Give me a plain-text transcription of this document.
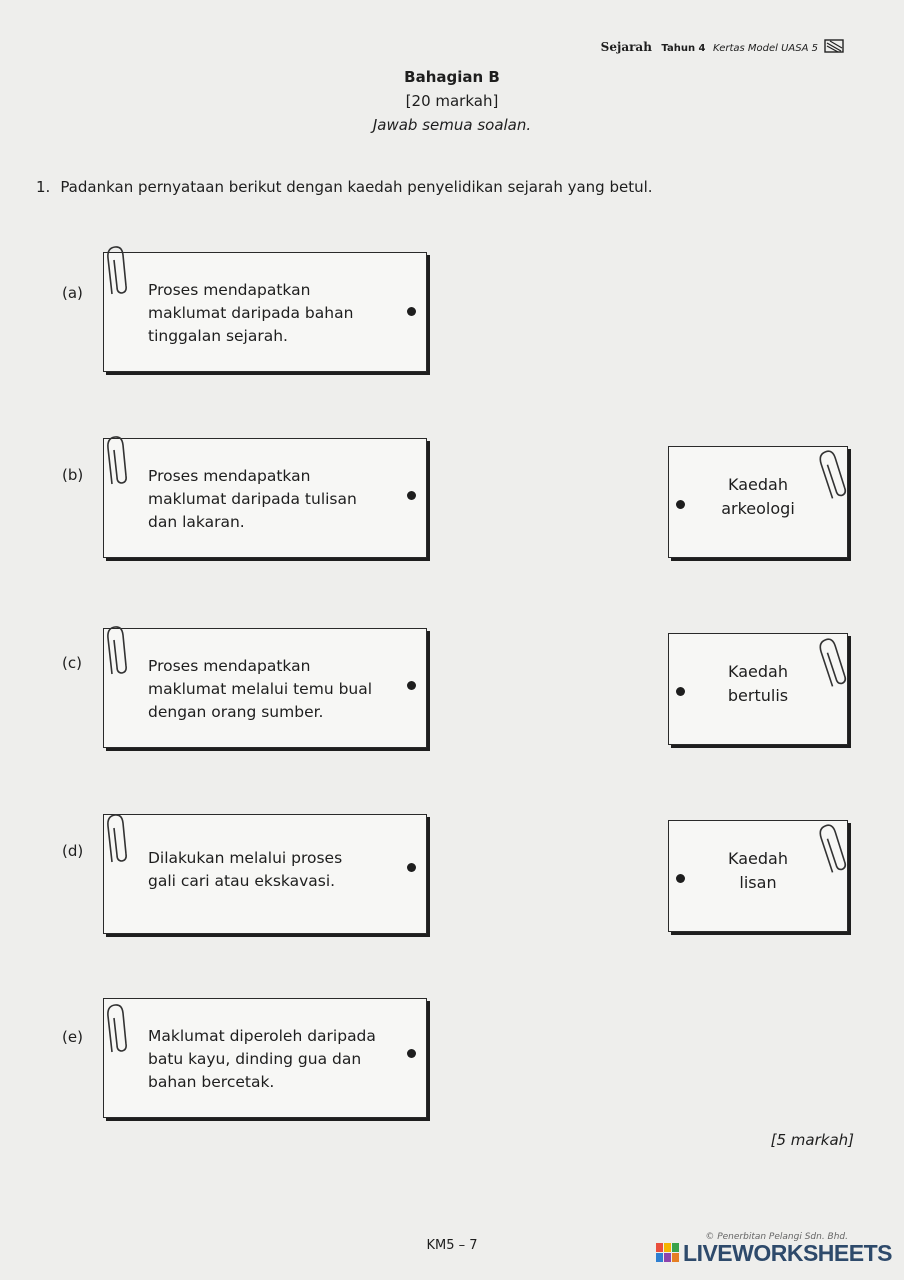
Sejarah Tahun 4 Kertas Model UASA 5
Bahagian B
[20 markah]
Jawab semua soalan.
1. Padankan pernyataan berikut dengan kaedah penyelidikan sejarah yang betul.
(a)	Proses mendapatkan
maklumat daripada bahan
tinggalan sejarah.
(b)	Proses mendapatkan
maklumat daripada tulisan
dan lakaran.
(c)	Proses mendapatkan
maklumat melalui temu bual
dengan orang sumber.
(d)	Dilakukan melalui proses
gali cari atau ekskavasi.
(e)	Maklumat diperoleh daripada
batu kayu, dinding gua dan
bahan bercetak.
Kaedah
arkeologi
Kaedah
bertulis
Kaedah
lisan
[5 markah]
KM5 – 7
© Penerbitan Pelangi Sdn. Bhd.
LIVEWORKSHEETS
